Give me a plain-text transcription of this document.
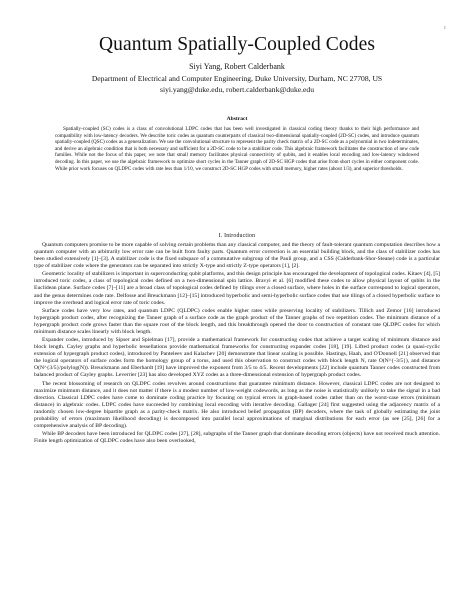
1
Quantum Spatially-Coupled Codes
Siyi Yang, Robert Calderbank
Department of Electrical and Computer Engineering, Duke University, Durham, NC 27708, US
siyi.yang@duke.edu, robert.calderbank@duke.edu
Abstract
Spatially-coupled (SC) codes is a class of convolutional LDPC codes that has been well investigated in classical coding theory thanks to their high performance and compatibility with low-latency decoders. We describe toric codes as quantum counterparts of classical two-dimensional spatially-coupled (2D-SC) codes, and introduce quantum spatially-coupled (QSC) codes as a generalization. We use the convolutional structure to represent the parity check matrix of a 2D-SC code as a polynomial in two indeterminates, and derive an algebraic condition that is both necessary and sufficient for a 2D-SC code to be a stabilizer code. This algebraic framework facilitates the construction of new code families. While not the focus of this paper, we note that small memory facilitates physical connectivity of qubits, and it enables local encoding and low-latency windowed decoding. In this paper, we use the algebraic framework to optimize short cycles in the Tanner graph of 2D-SC HGP codes that arise from short cycles in either component code. While prior work focuses on QLDPC codes with rate less than 1/10, we construct 2D-SC HGP codes with small memory, higher rates (about 1/3), and superior thresholds.
I. Introduction

Quantum computers promise to be more capable of solving certain problems than any classical computer, and the theory of fault-tolerant quantum computation describes how a quantum computer with an arbitrarily low error rate can be built from faulty parts. Quantum error correction is an essential building block, and the class of stabilizer codes has been studied extensively [1]–[3]. A stabilizer code is the fixed subspace of a commutative subgroup of the Pauli group, and a CSS (Calderbank-Shor-Steane) code is a particular type of stabilizer code where the generators can be separated into strictly X-type and strictly Z-type operators [1], [2].

Geometric locality of stabilizers is important in superconducting qubit platforms, and this design principle has encouraged the development of topological codes. Kitaev [4], [5] introduced toric codes, a class of topological codes defined on a two-dimensional spin lattice. Bravyi et al. [6] modified these codes to allow physical layout of qubits in the Euclidean plane. Surface codes [7]–[11] are a broad class of topological codes defined by tilings over a closed surface, where holes in the surface correspond to logical operators, and the genus determines code rate. Delfosse and Breuckmann [12]–[15] introduced hyperbolic and semi-hyperbolic surface codes that use tilings of a closed hyperbolic surface to improve the overhead and logical error rate of toric codes.

Surface codes have very low rates, and quantum LDPC (QLDPC) codes enable higher rates while preserving locality of stabilizers. Tillich and Zemor [16] introduced hypergraph product codes, after recognizing the Tanner graph of a surface code as the graph product of the Tanner graphs of two repetition codes. The minimum distance of a hypergraph product code grows faster than the square root of the block length, and this breakthrough opened the door to construction of constant rate QLDPC codes for which minimum distance scales linearly with block length.

Expander codes, introduced by Sipser and Spielman [17], provide a mathematical framework for constructing codes that achieve a target scaling of minimum distance and block length. Cayley graphs and hyperbolic tessellations provide mathematical frameworks for constructing expander codes [18], [19]. Lifted product codes (a quasi-cyclic extension of hypergraph product codes), introduced by Panteleev and Kalachev [20] demonstrate that linear scaling is possible. Hastings, Haah, and O'Donnell [21] observed that the logical operators of surface codes form the homology group of a torus, and used this observation to construct codes with block length N, rate O(N^{-3/5}), and distance O(N^{3/5}/polylog(N)). Breuckmann and Eberhardt [19] have improved the exponent from 3/5 to 4/5. Recent developments [22] include quantum Tanner codes constructed from balanced product of Cayley graphs. Leverrier [23] has also developed XYZ codes as a three-dimensional extension of hypergraph product codes.

The recent blossoming of research on QLDPC codes revolves around constructions that guarantee minimum distance. However, classical LDPC codes are not designed to maximize minimum distance, and it does not matter if there is a modest number of low-weight codewords, as long as the noise is statistically unlikely to take the signal in a bad direction. Classical LDPC codes have come to dominate coding practice by focusing on typical errors in graph-based codes rather than on the worst-case errors (minimum distance) in algebraic codes. LDPC codes have succeeded by combining local encoding with iterative decoding. Gallager [24] first suggested using the adjacency matrix of a randomly chosen low-degree bipartite graph as a parity-check matrix. He also introduced belief propagation (BP) decoders, where the task of globally estimating the joint probability of errors (maximum likelihood decoding) is decomposed into parallel local approximations of marginal distributions for each error (as see [25], [26] for a comprehensive analysis of BP decoding).

While BP decoders have been introduced for QLDPC codes [27], [28], subgraphs of the Tanner graph that dominate decoding errors (objects) have not received much attention. Finite length optimization of QLDPC codes have also been overlooked,
